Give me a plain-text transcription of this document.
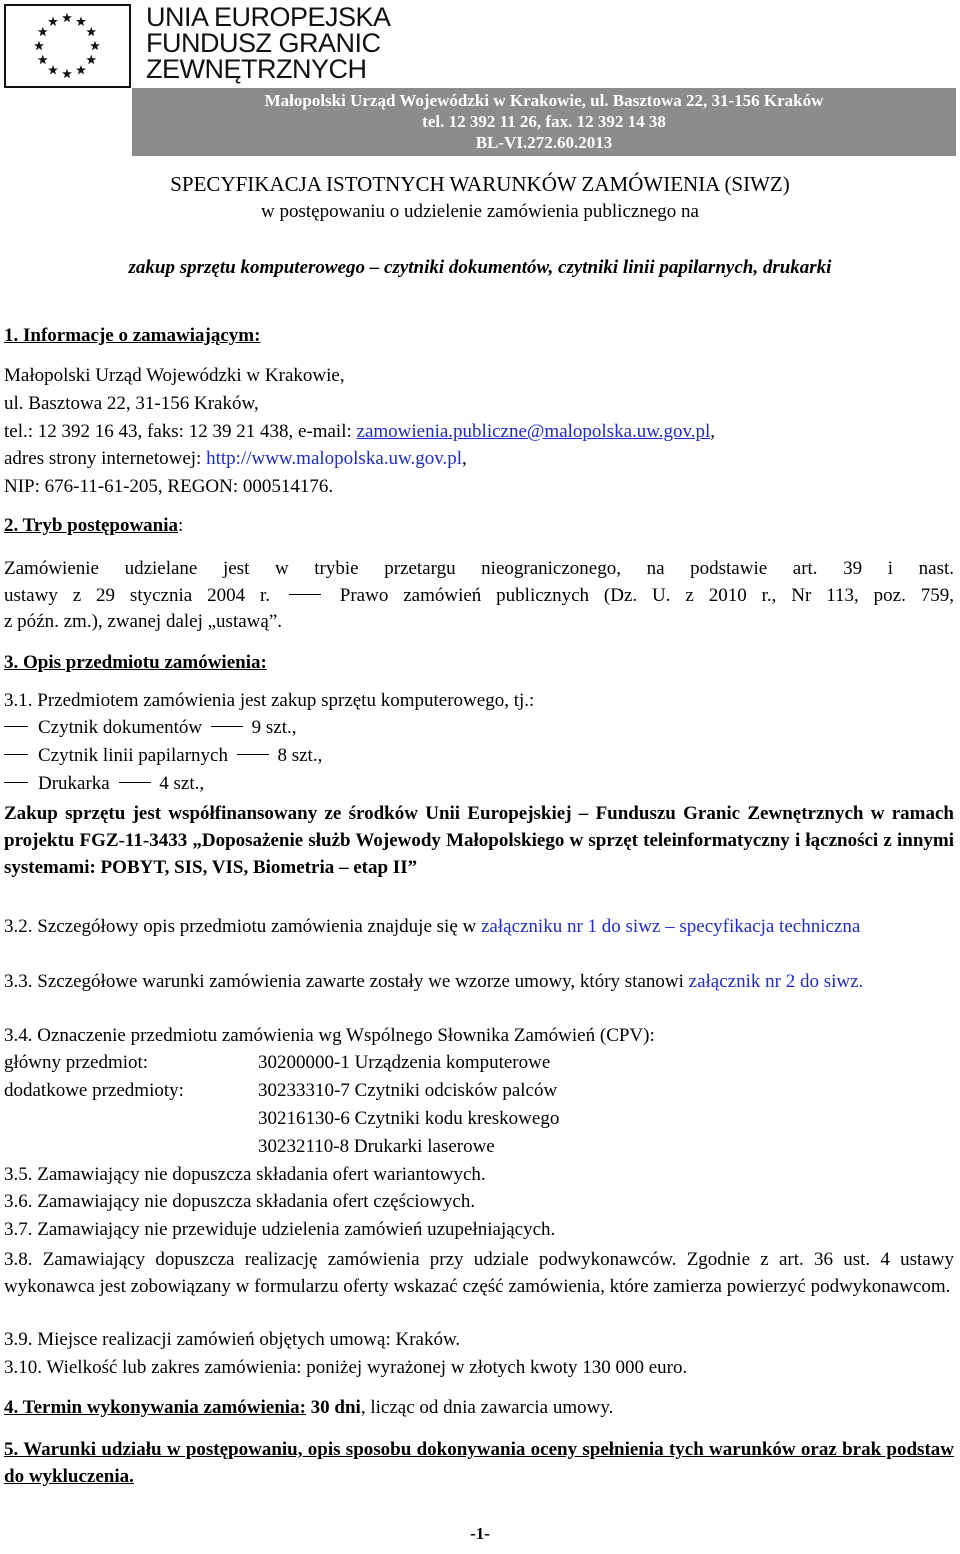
UNIA EUROPEJSKA
FUNDUSZ GRANIC
ZEWNĘTRZNYCH
Małopolski Urząd Wojewódzki w Krakowie, ul. Basztowa 22, 31-156 Kraków
tel. 12 392 11 26, fax. 12 392 14 38
BL-VI.272.60.2013
SPECYFIKACJA ISTOTNYCH WARUNKÓW ZAMÓWIENIA (SIWZ)
w postępowaniu o udzielenie zamówienia publicznego na
zakup sprzętu komputerowego – czytniki dokumentów, czytniki linii papilarnych, drukarki
1. Informacje o zamawiającym:
Małopolski Urząd Wojewódzki w Krakowie,
ul. Basztowa 22, 31-156 Kraków,
tel.: 12 392 16 43, faks: 12 39 21 438, e-mail: zamowienia.publiczne@malopolska.uw.gov.pl,
adres strony internetowej: http://www.malopolska.uw.gov.pl,
NIP: 676-11-61-205, REGON: 000514176.
2. Tryb postępowania:
Zamówienie udzielane jest w trybie przetargu nieograniczonego, na podstawie art. 39 i nast.
ustawy z 29 stycznia 2004 r.  Prawo zamówień publicznych (Dz. U. z 2010 r., Nr 113, poz. 759,
z późn. zm.), zwanej dalej „ustawą”.
3. Opis przedmiotu zamówienia:
3.1. Przedmiotem zamówienia jest zakup sprzętu komputerowego, tj.:
Czytnik dokumentów  9 szt.,
Czytnik linii papilarnych  8 szt.,
Drukarka  4 szt.,
Zakup sprzętu jest współfinansowany ze środków Unii Europejskiej – Funduszu Granic Zewnętrznych w ramach projektu FGZ-11-3433 „Doposażenie służb Wojewody Małopolskiego w sprzęt teleinformatyczny i łączności z innymi systemami: POBYT, SIS, VIS, Biometria – etap II”
3.2. Szczegółowy opis przedmiotu zamówienia znajduje się w załączniku nr 1 do siwz – specyfikacja techniczna
3.3. Szczegółowe warunki zamówienia zawarte zostały we wzorze umowy, który stanowi załącznik nr 2 do siwz.
3.4. Oznaczenie przedmiotu zamówienia wg Wspólnego Słownika Zamówień (CPV):
główny przedmiot:	30200000-1 Urządzenia komputerowe
dodatkowe przedmioty:	30233310-7 Czytniki odcisków palców
30216130-6 Czytniki kodu kreskowego
30232110-8 Drukarki laserowe
3.5. Zamawiający nie dopuszcza składania ofert wariantowych.
3.6. Zamawiający nie dopuszcza składania ofert częściowych.
3.7. Zamawiający nie przewiduje udzielenia zamówień uzupełniających.
3.8. Zamawiający dopuszcza realizację zamówienia przy udziale podwykonawców. Zgodnie z art. 36 ust. 4 ustawy wykonawca jest zobowiązany w formularzu oferty wskazać część zamówienia, które zamierza powierzyć podwykonawcom.
3.9. Miejsce realizacji zamówień objętych umową: Kraków.
3.10. Wielkość lub zakres zamówienia: poniżej wyrażonej w złotych kwoty 130 000 euro.
4. Termin wykonywania zamówienia: 30 dni, licząc od dnia zawarcia umowy.
5. Warunki udziału w postępowaniu, opis sposobu dokonywania oceny spełnienia tych warunków oraz brak podstaw do wykluczenia.
-1-
